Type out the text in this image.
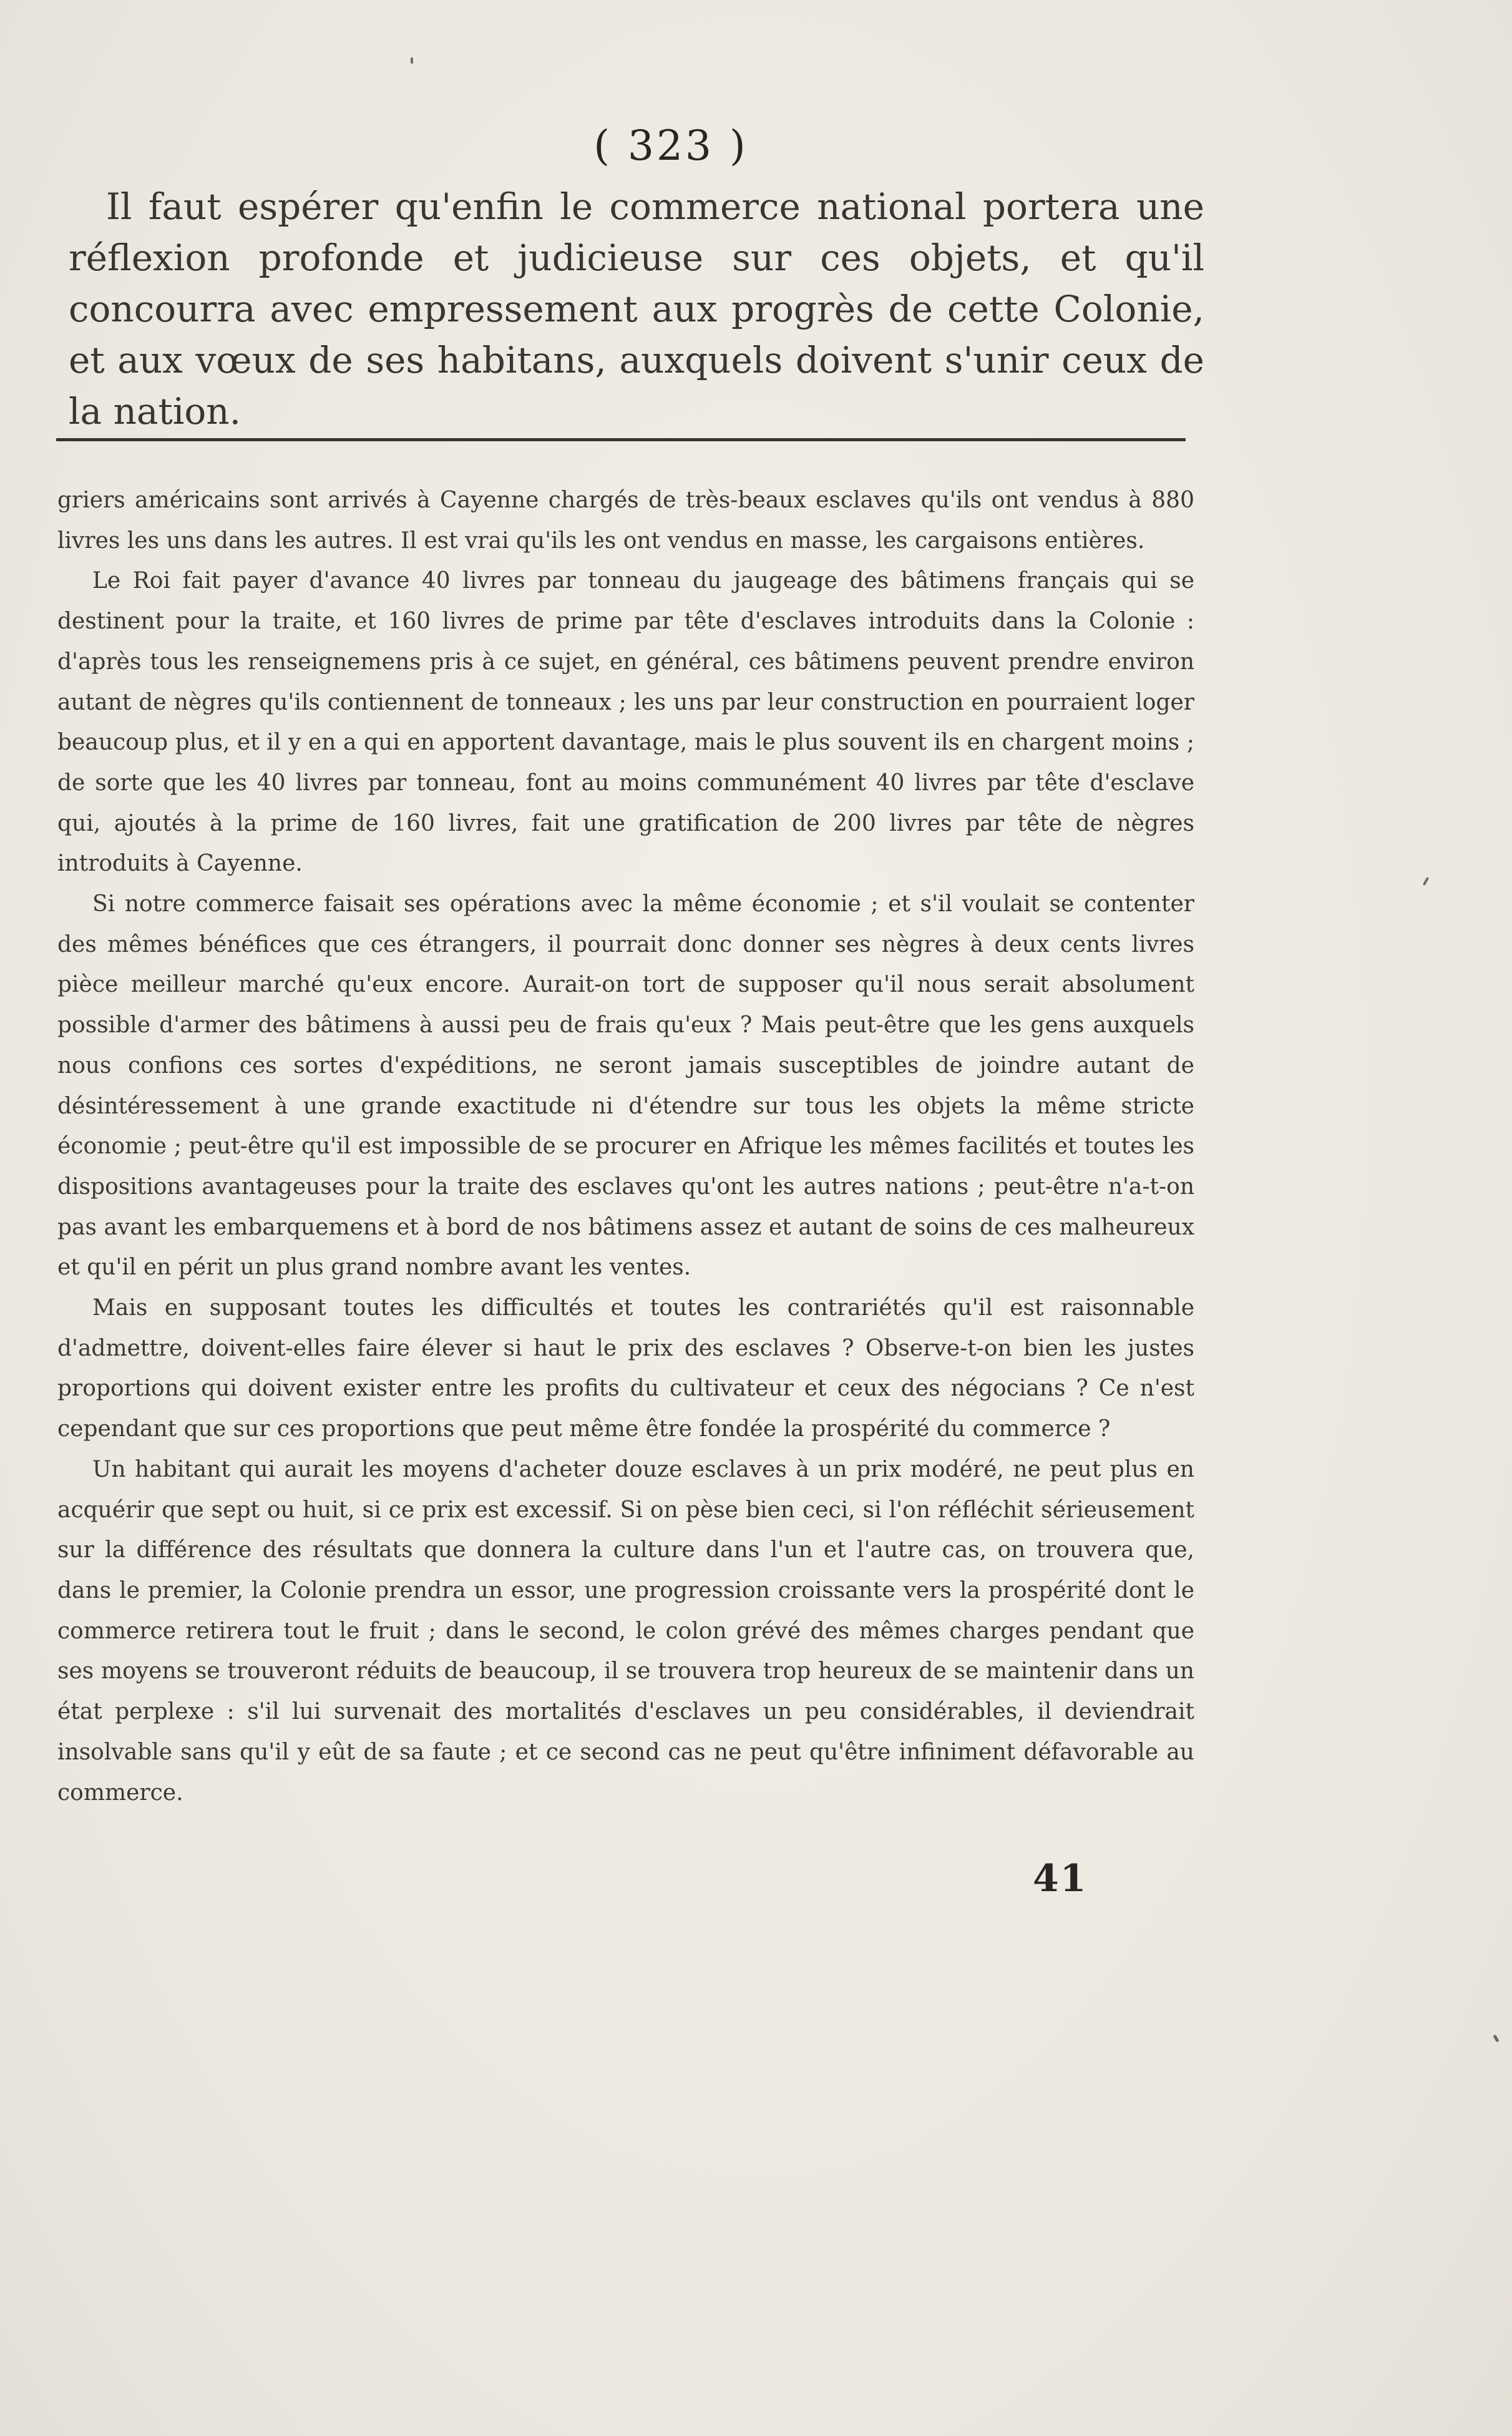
( 323 )

Il faut espérer qu'enfin le commerce national portera une réflexion profonde et judicieuse sur ces objets, et qu'il concourra avec empressement aux progrès de cette Colonie, et aux vœux de ses habitans, auxquels doivent s'unir ceux de la nation.

griers américains sont arrivés à Cayenne chargés de très-beaux esclaves qu'ils ont vendus à 880 livres les uns dans les autres. Il est vrai qu'ils les ont vendus en masse, les cargaisons entières.

Le Roi fait payer d'avance 40 livres par tonneau du jaugeage des bâtimens français qui se destinent pour la traite, et 160 livres de prime par tête d'esclaves introduits dans la Colonie : d'après tous les renseignemens pris à ce sujet, en général, ces bâtimens peuvent prendre environ autant de nègres qu'ils contiennent de tonneaux ; les uns par leur construction en pourraient loger beaucoup plus, et il y en a qui en apportent davantage, mais le plus souvent ils en chargent moins ; de sorte que les 40 livres par tonneau, font au moins communément 40 livres par tête d'esclave qui, ajoutés à la prime de 160 livres, fait une gratification de 200 livres par tête de nègres introduits à Cayenne.

Si notre commerce faisait ses opérations avec la même économie ; et s'il voulait se contenter des mêmes bénéfices que ces étrangers, il pourrait donc donner ses nègres à deux cents livres pièce meilleur marché qu'eux encore. Aurait-on tort de supposer qu'il nous serait absolument possible d'armer des bâtimens à aussi peu de frais qu'eux ? Mais peut-être que les gens auxquels nous confions ces sortes d'expéditions, ne seront jamais susceptibles de joindre autant de désintéressement à une grande exactitude ni d'étendre sur tous les objets la même stricte économie ; peut-être qu'il est impossible de se procurer en Afrique les mêmes facilités et toutes les dispositions avantageuses pour la traite des esclaves qu'ont les autres nations ; peut-être n'a-t-on pas avant les embarquemens et à bord de nos bâtimens assez et autant de soins de ces malheureux et qu'il en périt un plus grand nombre avant les ventes.

Mais en supposant toutes les difficultés et toutes les contrariétés qu'il est raisonnable d'admettre, doivent-elles faire élever si haut le prix des esclaves ? Observe-t-on bien les justes proportions qui doivent exister entre les profits du cultivateur et ceux des négocians ? Ce n'est cependant que sur ces proportions que peut même être fondée la prospérité du commerce ?

Un habitant qui aurait les moyens d'acheter douze esclaves à un prix modéré, ne peut plus en acquérir que sept ou huit, si ce prix est excessif. Si on pèse bien ceci, si l'on réfléchit sérieusement sur la différence des résultats que donnera la culture dans l'un et l'autre cas, on trouvera que, dans le premier, la Colonie prendra un essor, une progression croissante vers la prospérité dont le commerce retirera tout le fruit ; dans le second, le colon grévé des mêmes charges pendant que ses moyens se trouveront réduits de beaucoup, il se trouvera trop heureux de se maintenir dans un état perplexe : s'il lui survenait des mortalités d'esclaves un peu considérables, il deviendrait insolvable sans qu'il y eût de sa faute ; et ce second cas ne peut qu'être infiniment défavorable au commerce.

41
